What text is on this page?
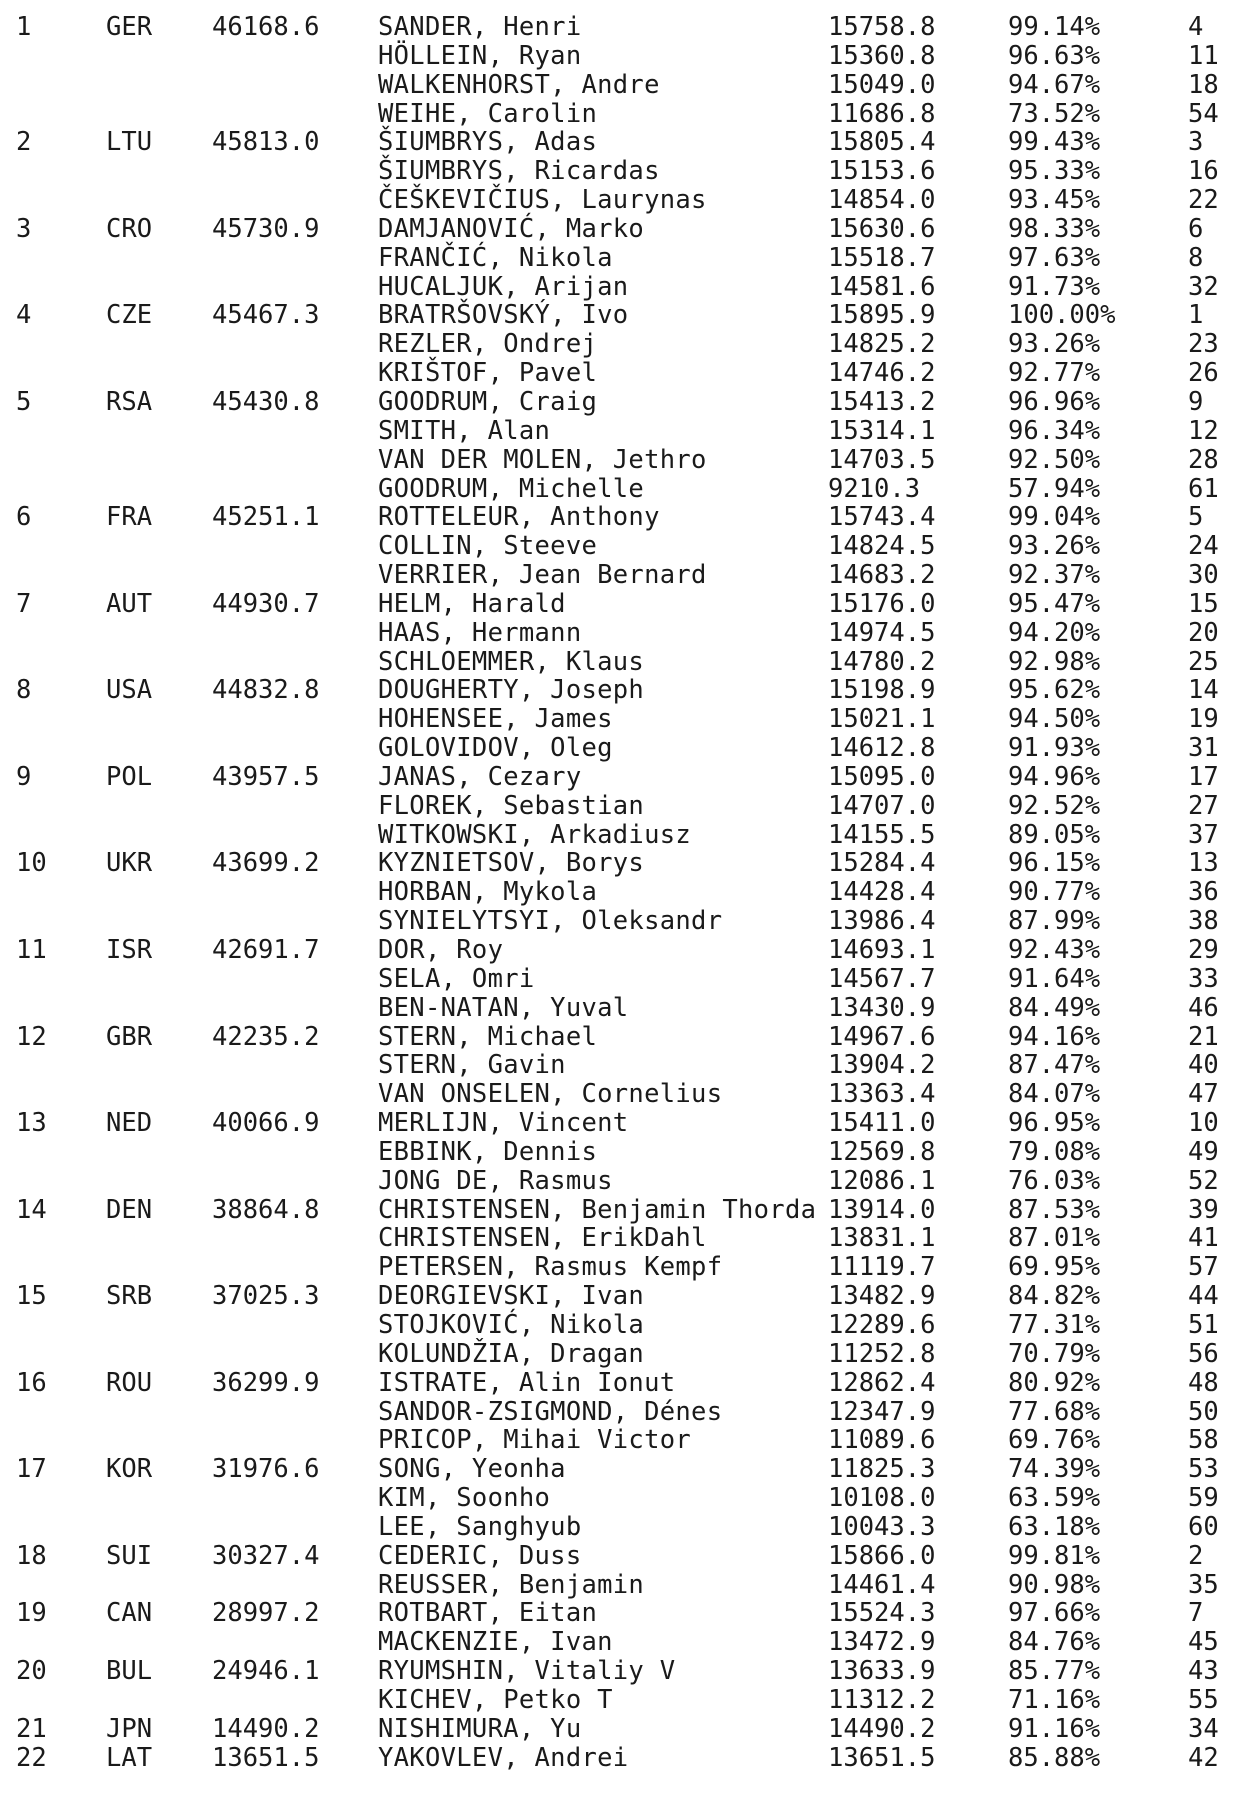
1	GER 46168.6 SANDER, Henri	15758.8	99.14%	4
HÖLLEIN, Ryan	15360.8	96.63%	11
WALKENHORST, Andre	15049.0	94.67%	18
WEIHE, Carolin	11686.8	73.52%	54
2	LTU 45813.0 ŠIUMBRYS, Adas	15805.4	99.43%	3
ŠIUMBRYS, Ricardas	15153.6	95.33%	16
ČEŠKEVIČIUS, Laurynas	14854.0	93.45%	22
3	CRO 45730.9 DAMJANOVIĆ, Marko	15630.6	98.33%	6
FRANČIĆ, Nikola	15518.7	97.63%	8
HUCALJUK, Arijan	14581.6	91.73%	32
4	CZE 45467.3 BRATRŠOVSKÝ, Ivo	15895.9	100.00%	1
REZLER, Ondrej	14825.2	93.26%	23
KRIŠTOF, Pavel	14746.2	92.77%	26
5	RSA 45430.8 GOODRUM, Craig	15413.2	96.96%	9
SMITH, Alan	15314.1	96.34%	12
VAN DER MOLEN, Jethro	14703.5	92.50%	28
GOODRUM, Michelle	9210.3	57.94%	61
6	FRA 45251.1 ROTTELEUR, Anthony	15743.4	99.04%	5
COLLIN, Steeve	14824.5	93.26%	24
VERRIER, Jean Bernard	14683.2	92.37%	30
7	AUT 44930.7 HELM, Harald	15176.0	95.47%	15
HAAS, Hermann	14974.5	94.20%	20
SCHLOEMMER, Klaus	14780.2	92.98%	25
8	USA 44832.8 DOUGHERTY, Joseph	15198.9	95.62%	14
HOHENSEE, James	15021.1	94.50%	19
GOLOVIDOV, Oleg	14612.8	91.93%	31
9	POL 43957.5 JANAS, Cezary	15095.0	94.96%	17
FLOREK, Sebastian	14707.0	92.52%	27
WITKOWSKI, Arkadiusz	14155.5	89.05%	37
10 UKR 43699.2 KYZNIETSOV, Borys	15284.4	96.15%	13
HORBAN, Mykola	14428.4	90.77%	36
SYNIELYTSYI, Oleksandr	13986.4	87.99%	38
11 ISR 42691.7 DOR, Roy	14693.1	92.43%	29
SELA, Omri	14567.7	91.64%	33
BEN-NATAN, Yuval	13430.9	84.49%	46
12 GBR 42235.2 STERN, Michael	14967.6	94.16%	21
STERN, Gavin	13904.2	87.47%	40
VAN ONSELEN, Cornelius	13363.4	84.07%	47
13 NED 40066.9 MERLIJN, Vincent	15411.0	96.95%	10
EBBINK, Dennis	12569.8	79.08%	49
JONG DE, Rasmus	12086.1	76.03%	52
14 DEN 38864.8 CHRISTENSEN, Benjamin Thorda 13914.0	87.53%	39
CHRISTENSEN, ErikDahl	13831.1	87.01%	41
PETERSEN, Rasmus Kempf	11119.7	69.95%	57
15 SRB 37025.3 DEORGIEVSKI, Ivan	13482.9	84.82%	44
STOJKOVIĆ, Nikola	12289.6	77.31%	51
KOLUNDŽIA, Dragan	11252.8	70.79%	56
16 ROU 36299.9 ISTRATE, Alin Ionut	12862.4	80.92%	48
SANDOR-ZSIGMOND, Dénes	12347.9	77.68%	50
PRICOP, Mihai Victor	11089.6	69.76%	58
17 KOR 31976.6 SONG, Yeonha	11825.3	74.39%	53
KIM, Soonho	10108.0	63.59%	59
LEE, Sanghyub	10043.3	63.18%	60
18 SUI 30327.4 CEDERIC, Duss	15866.0	99.81%	2
REUSSER, Benjamin	14461.4	90.98%	35
19 CAN 28997.2 ROTBART, Eitan	15524.3	97.66%	7
MACKENZIE, Ivan	13472.9	84.76%	45
20 BUL 24946.1 RYUMSHIN, Vitaliy V	13633.9	85.77%	43
KICHEV, Petko T	11312.2	71.16%	55
21 JPN 14490.2 NISHIMURA, Yu	14490.2	91.16%	34
22 LAT 13651.5 YAKOVLEV, Andrei	13651.5	85.88%	42
